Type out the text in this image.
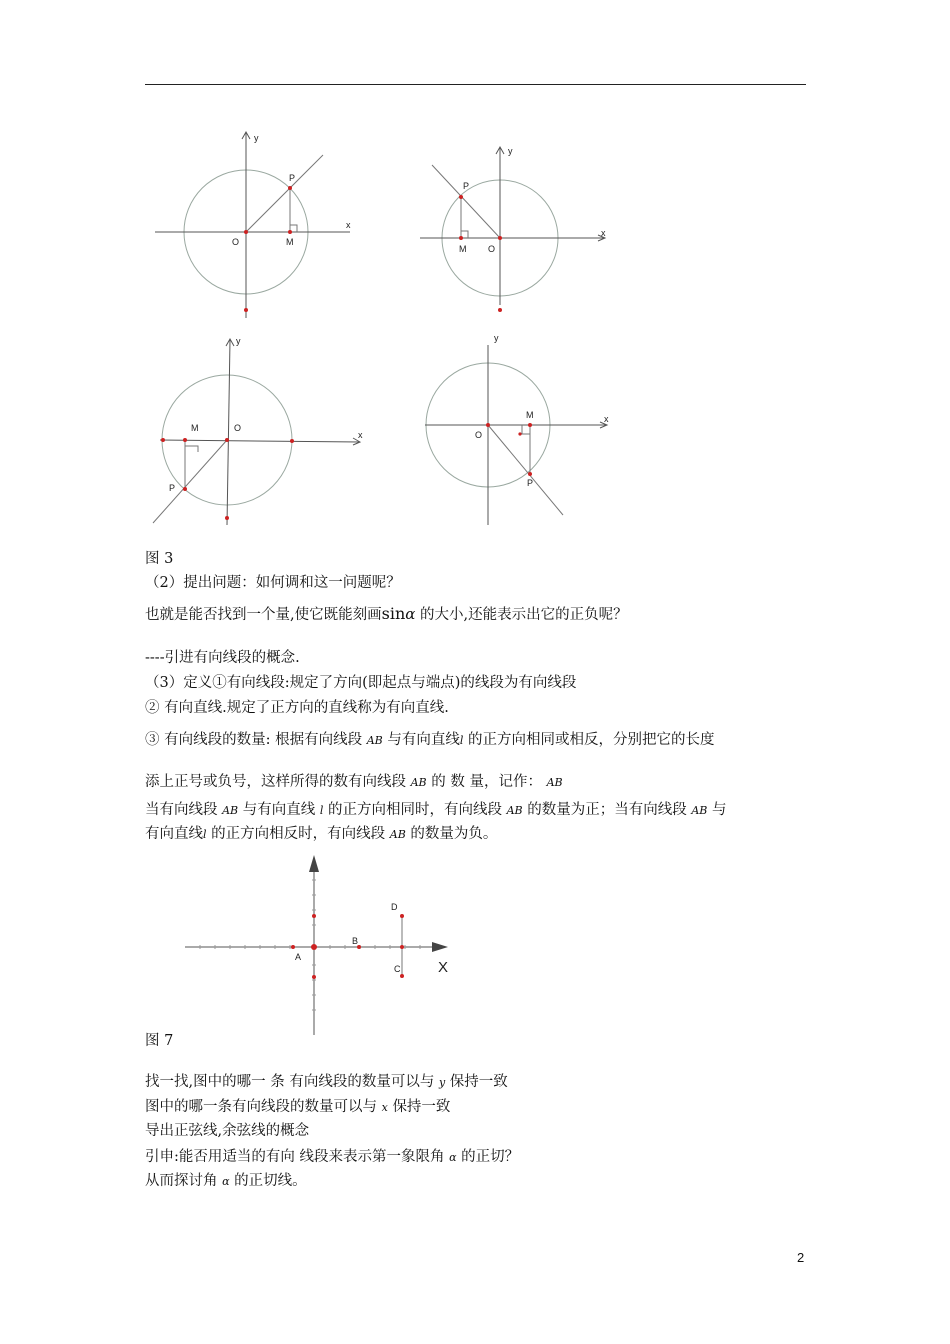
y
x
P
O	M
y
x
P
M O
y
x
M	O
P
y
x
M
O
P
图 3
（2）提出问题：如何调和这一问题呢？
也就是能否找到一个量,使它既能刻画sinα 的大小,还能表示出它的正负呢？
----引进有向线段的概念.
（3）定义①有向线段:规定了方向(即起点与端点)的线段为有向线段
② 有向直线.规定了正方向的直线称为有向直线.
③ 有向线段的数量: 根据有向线段 AB 与有向直线l 的正方向相同或相反，分别把它的长度
添上正号或负号，这样所得的数有向线段 AB 的 数 量，记作： AB
当有向线段 AB 与有向直线 l 的正方向相同时，有向线段 AB 的数量为正；当有向线段 AB 与
有向直线l 的正方向相反时，有向线段 AB 的数量为负。
D
A
B
C	X
图 7
找一找,图中的哪一 条 有向线段的数量可以与 y 保持一致
图中的哪一条有向线段的数量可以与 x 保持一致
导出正弦线,余弦线的概念
引申:能否用适当的有向 线段来表示第一象限角 α 的正切？
从而探讨角 α 的正切线。
2
